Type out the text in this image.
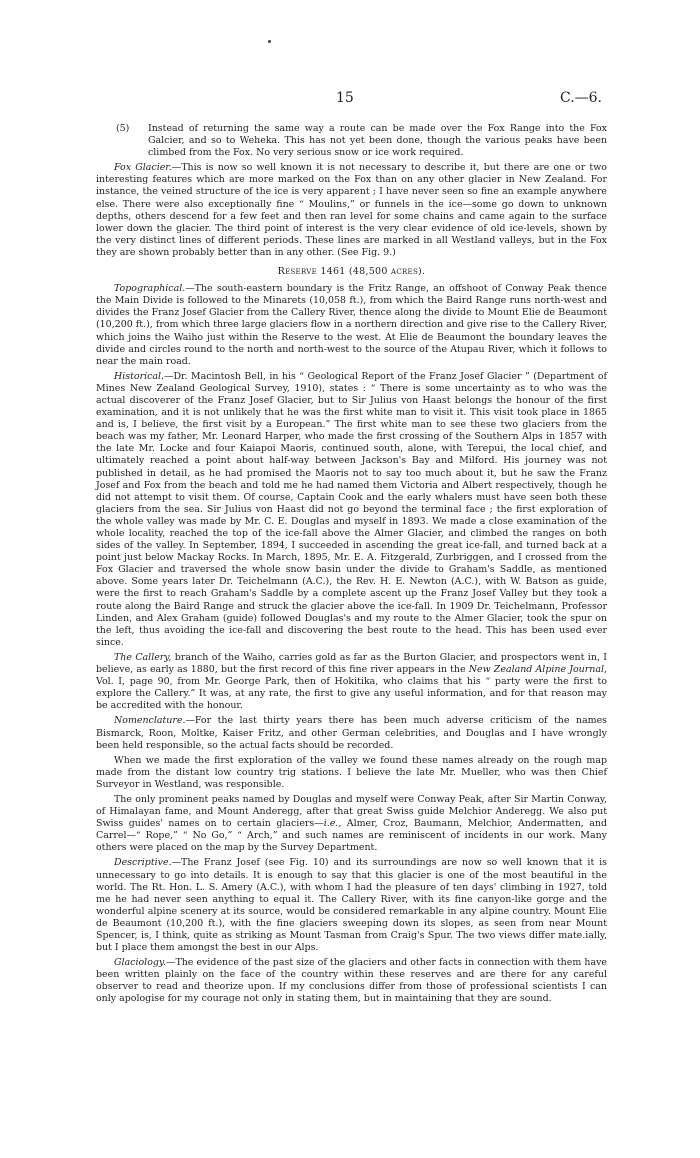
15	C.—6.
(5) Instead of returning the same way a route can be made over the Fox Range into the Fox Galcier, and so to Weheka. This has not yet been done, though the various peaks have been climbed from the Fox. No very serious snow or ice work required.

Fox Glacier.—This is now so well known it is not necessary to describe it, but there are one or two interesting features which are more marked on the Fox than on any other glacier in New Zealand. For instance, the veined structure of the ice is very apparent ; I have never seen so fine an example anywhere else. There were also exceptionally fine “ Moulins,” or funnels in the ice—some go down to unknown depths, others descend for a few feet and then ran level for some chains and came again to the surface lower down the glacier. The third point of interest is the very clear evidence of old ice-levels, shown by the very distinct lines of different periods. These lines are marked in all Westland valleys, but in the Fox they are shown probably better than in any other. (See Fig. 9.)

Reserve 1461 (48,500 acres).

Topographical.—The south-eastern boundary is the Fritz Range, an offshoot of Conway Peak thence the Main Divide is followed to the Minarets (10,058 ft.), from which the Baird Range runs north-west and divides the Franz Josef Glacier from the Callery River, thence along the divide to Mount Elie de Beaumont (10,200 ft.), from which three large glaciers flow in a northern direction and give rise to the Callery River, which joins the Waiho just within the Reserve to the west. At Elie de Beaumont the boundary leaves the divide and circles round to the north and north-west to the source of the Atupau River, which it follows to near the main road.

Historical.—Dr. Macintosh Bell, in his “ Geological Report of the Franz Josef Glacier ” (Department of Mines New Zealand Geological Survey, 1910), states : “ There is some uncertainty as to who was the actual discoverer of the Franz Josef Glacier, but to Sir Julius von Haast belongs the honour of the first examination, and it is not unlikely that he was the first white man to visit it. This visit took place in 1865 and is, I believe, the first visit by a European.” The first white man to see these two glaciers from the beach was my father, Mr. Leonard Harper, who made the first crossing of the Southern Alps in 1857 with the late Mr. Locke and four Kaiapoi Maoris, continued south, alone, with Terepui, the local chief, and ultimately reached a point about half-way between Jackson's Bay and Milford. His journey was not published in detail, as he had promised the Maoris not to say too much about it, but he saw the Franz Josef and Fox from the beach and told me he had named them Victoria and Albert respectively, though he did not attempt to visit them. Of course, Captain Cook and the early whalers must have seen both these glaciers from the sea. Sir Julius von Haast did not go beyond the terminal face ; the first exploration of the whole valley was made by Mr. C. E. Douglas and myself in 1893. We made a close examination of the whole locality, reached the top of the ice-fall above the Almer Glacier, and climbed the ranges on both sides of the valley. In September, 1894, I succeeded in ascending the great ice-fall, and turned back at a point just below Mackay Rocks. In March, 1895, Mr. E. A. Fitzgerald, Zurbriggen, and I crossed from the Fox Glacier and traversed the whole snow basin under the divide to Graham's Saddle, as mentioned above. Some years later Dr. Teichelmann (A.C.), the Rev. H. E. Newton (A.C.), with W. Batson as guide, were the first to reach Graham's Saddle by a complete ascent up the Franz Josef Valley but they took a route along the Baird Range and struck the glacier above the ice-fall. In 1909 Dr. Teichelmann, Professor Linden, and Alex Graham (guide) followed Douglas's and my route to the Almer Glacier, took the spur on the left, thus avoiding the ice-fall and discovering the best route to the head. This has been used ever since.

The Callery, branch of the Waiho, carries gold as far as the Burton Glacier, and prospectors went in, I believe, as early as 1880, but the first record of this fine river appears in the New Zealand Alpine Journal, Vol. I, page 90, from Mr. George Park, then of Hokitika, who claims that his “ party were the first to explore the Callery.” It was, at any rate, the first to give any useful information, and for that reason may be accredited with the honour.

Nomenclature.—For the last thirty years there has been much adverse criticism of the names Bismarck, Roon, Moltke, Kaiser Fritz, and other German celebrities, and Douglas and I have wrongly been held responsible, so the actual facts should be recorded.

When we made the first exploration of the valley we found these names already on the rough map made from the distant low country trig stations. I believe the late Mr. Mueller, who was then Chief Surveyor in Westland, was responsible.

The only prominent peaks named by Douglas and myself were Conway Peak, after Sir Martin Conway, of Himalayan fame, and Mount Anderegg, after that great Swiss guide Melchior Anderegg. We also put Swiss guides' names on to certain glaciers—i.e., Almer, Croz, Baumann, Melchior, Andermatten, and Carrel—“ Rope,” “ No Go,” “ Arch,” and such names are reminiscent of incidents in our work. Many others were placed on the map by the Survey Department.

Descriptive.—The Franz Josef (see Fig. 10) and its surroundings are now so well known that it is unnecessary to go into details. It is enough to say that this glacier is one of the most beautiful in the world. The Rt. Hon. L. S. Amery (A.C.), with whom I had the pleasure of ten days' climbing in 1927, told me he had never seen anything to equal it. The Callery River, with its fine canyon-like gorge and the wonderful alpine scenery at its source, would be considered remarkable in any alpine country. Mount Elie de Beaumont (10,200 ft.), with the fine glaciers sweeping down its slopes, as seen from near Mount Spencer, is, I think, quite as striking as Mount Tasman from Craig's Spur. The two views differ mate.ially, but I place them amongst the best in our Alps.

Glaciology.—The evidence of the past size of the glaciers and other facts in connection with them have been written plainly on the face of the country within these reserves and are there for any careful observer to read and theorize upon. If my conclusions differ from those of professional scientists I can only apologise for my courage not only in stating them, but in maintaining that they are sound.
